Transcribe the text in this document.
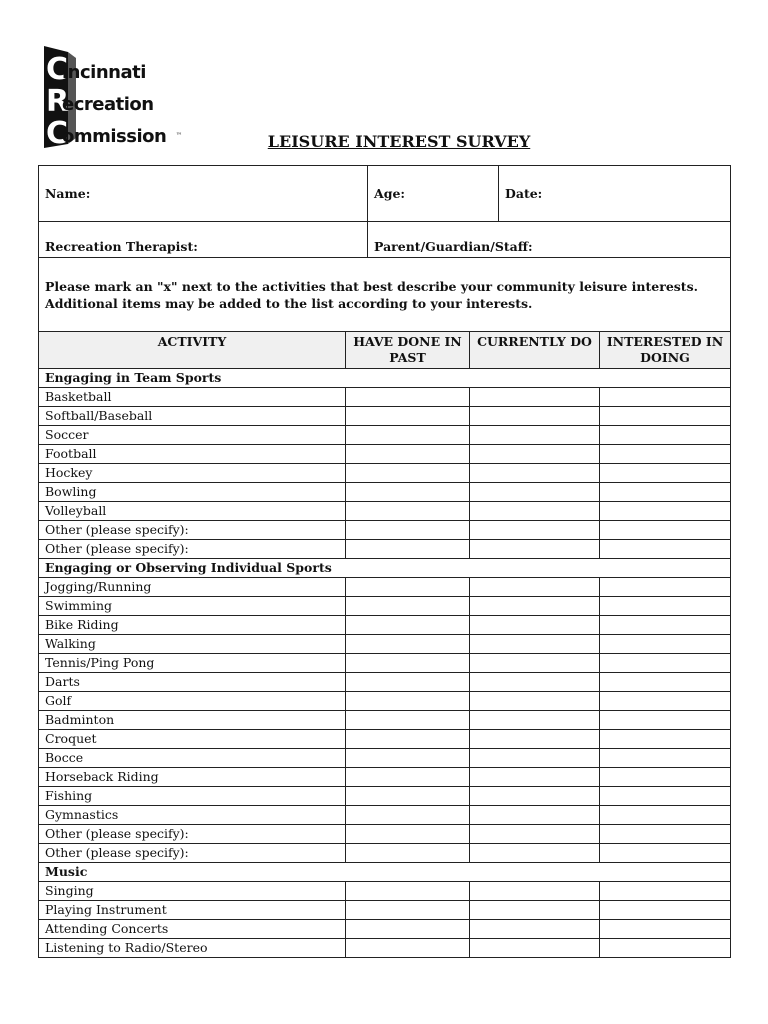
C
R
C
incinnati
ecreation
ommission ™	LEISURE INTEREST SURVEY
Name:	Age:	Date:
Recreation Therapist:	Parent/Guardian/Staff:	
Please mark an "x" next to the activities that best describe your community leisure interests. Additional items may be added to the list according to your interests.		
ACTIVITY	HAVE DONE IN PAST	CURRENTLY DO	INTERESTED IN DOING
Engaging in Team Sports			
Basketball			
Softball/Baseball			
Soccer			
Football			
Hockey			
Bowling			
Volleyball			
Other (please specify):			
Other (please specify):			
Engaging or Observing Individual Sports			
Jogging/Running			
Swimming			
Bike Riding			
Walking			
Tennis/Ping Pong			
Darts			
Golf			
Badminton			
Croquet			
Bocce			
Horseback Riding			
Fishing			
Gymnastics			
Other (please specify):			
Other (please specify):			
Music			
Singing			
Playing Instrument			
Attending Concerts			
Listening to Radio/Stereo			
